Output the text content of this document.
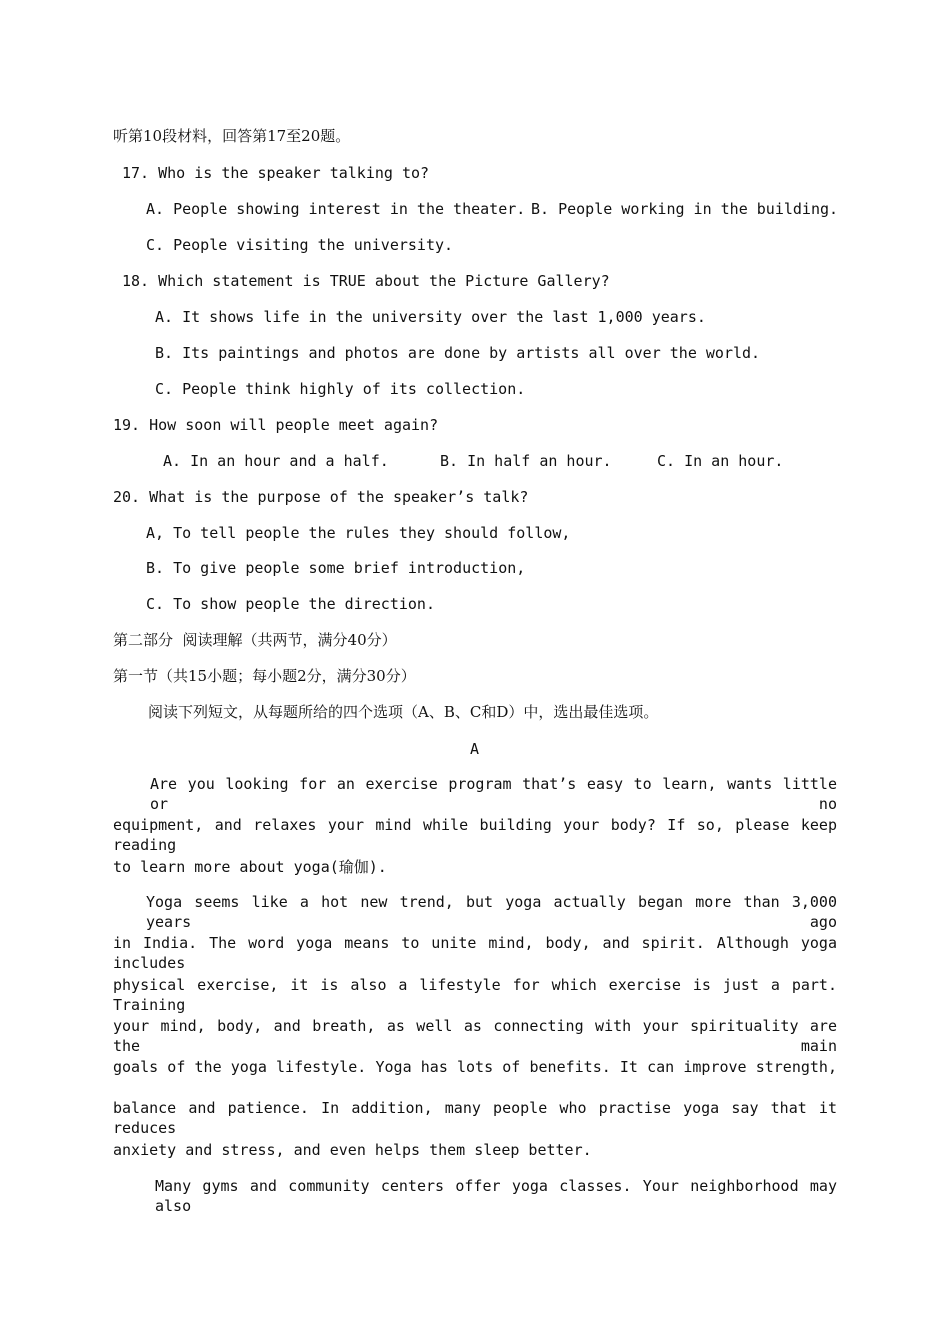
听第10段材料，回答第17至20题。
17. Who is the speaker talking to?
A. People showing interest in the theater. B. People working in the building.
C. People visiting the university.
18. Which statement is TRUE about the Picture Gallery?
A. It shows life in the university over the last 1,000 years.
B. Its paintings and photos are done by artists all over the world.
C. People think highly of its collection.
19. How soon will people meet again?
A. In an hour and a half.	B. In half an hour.	C. In an hour.
20. What is the purpose of the speaker’s talk?
A, To tell people the rules they should follow,
B. To give people some brief introduction,
C. To show people the direction.
第二部分  阅读理解（共两节，满分40分）
第一节（共15小题；每小题2分，满分30分）
阅读下列短文，从每题所给的四个选项（A、B、C和D）中，选出最佳选项。
A
Are you looking for an exercise program that’s easy to learn, wants little or no
equipment, and relaxes your mind while building your body? If so, please keep reading
to learn more about yoga(瑜伽).
Yoga seems like a hot new trend, but yoga actually began more than 3,000 years ago
in India. The word yoga means to unite mind, body, and spirit. Although yoga includes
physical exercise, it is also a lifestyle for which exercise is just a part. Training
your mind, body, and breath, as well as connecting with your spirituality are the main
goals of the yoga lifestyle. Yoga has lots of benefits. It can improve strength,
balance and patience. In addition, many people who practise yoga say that it reduces
anxiety and stress, and even helps them sleep better.
Many gyms and community centers offer yoga classes. Your neighborhood may also
